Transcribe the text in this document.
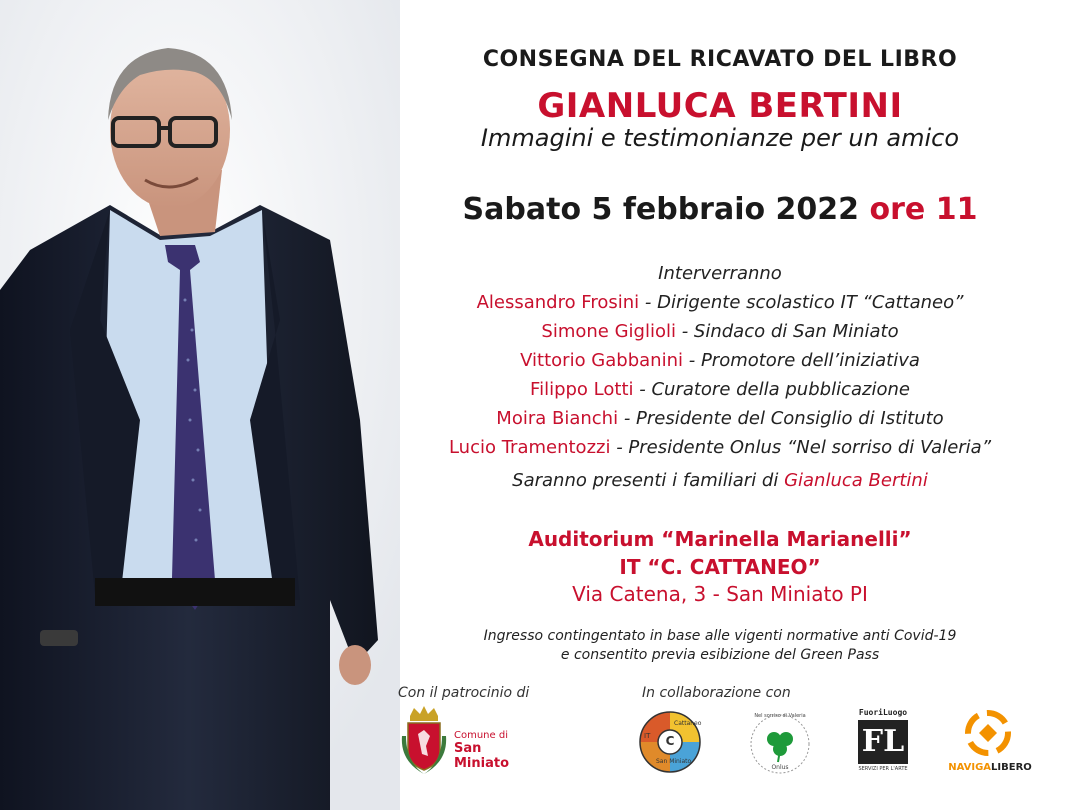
CONSEGNA DEL RICAVATO DEL LIBRO
GIANLUCA BERTINI
Immagini e testimonianze per un amico
Sabato 5 febbraio 2022 ore 11
Interverranno
Alessandro Frosini - Dirigente scolastico IT “Cattaneo”
Simone Giglioli - Sindaco di San Miniato
Vittorio Gabbanini - Promotore dell’iniziativa
Filippo Lotti - Curatore della pubblicazione
Moira Bianchi - Presidente del Consiglio di Istituto
Lucio Tramentozzi - Presidente Onlus “Nel sorriso di Valeria”
Saranno presenti i familiari di Gianluca Bertini
Auditorium “Marinella Marianelli”
IT “C. CATTANEO”
Via Catena, 3 - San Miniato PI
Ingresso contingentato in base alle vigenti normative anti Covid-19
e consentito previa esibizione del Green Pass
Con il patrocinio di	In collaborazione con
Comune di
San Miniato
C
Cattaneo
San Miniato
IT
Nel sorriso di Valeria
Onlus
FuoriLuogo
FL
SERVIZI PER L'ARTE	NAVIGALIBERO
